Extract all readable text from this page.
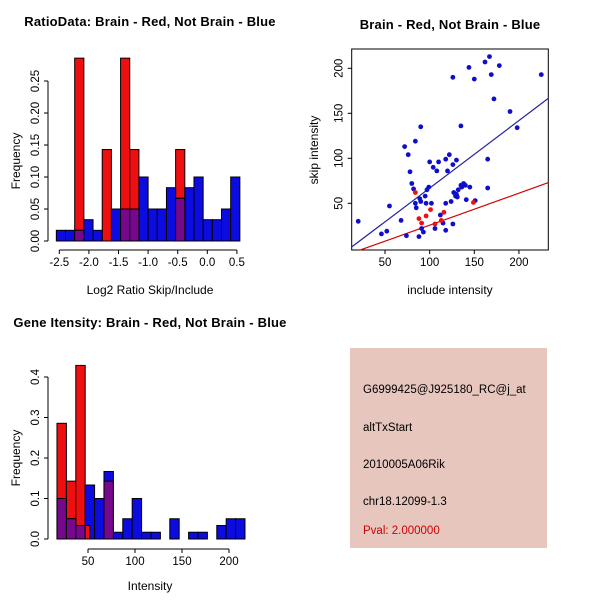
RatioData: Brain - Red, Not Brain - Blue
-2.5 -2.0 -1.5 -1.0 -0.5 0.0 0.5
0.00
0.05
0.10
0.15
0.20
0.25
Frequency
Log2 Ratio Skip/Include
Brain - Red, Not Brain - Blue
50 100 150 200
50
100
150
200
skip intensity
include intensity
Gene Itensity: Brain - Red, Not Brain - Blue
50	100 150 200
0.0
0.1
0.2
0.3
0.4
Frequency
Intensity
G6999425@J925180_RC@j_at
altTxStart
2010005A06Rik
chr18.12099-1.3
Pval: 2.000000
